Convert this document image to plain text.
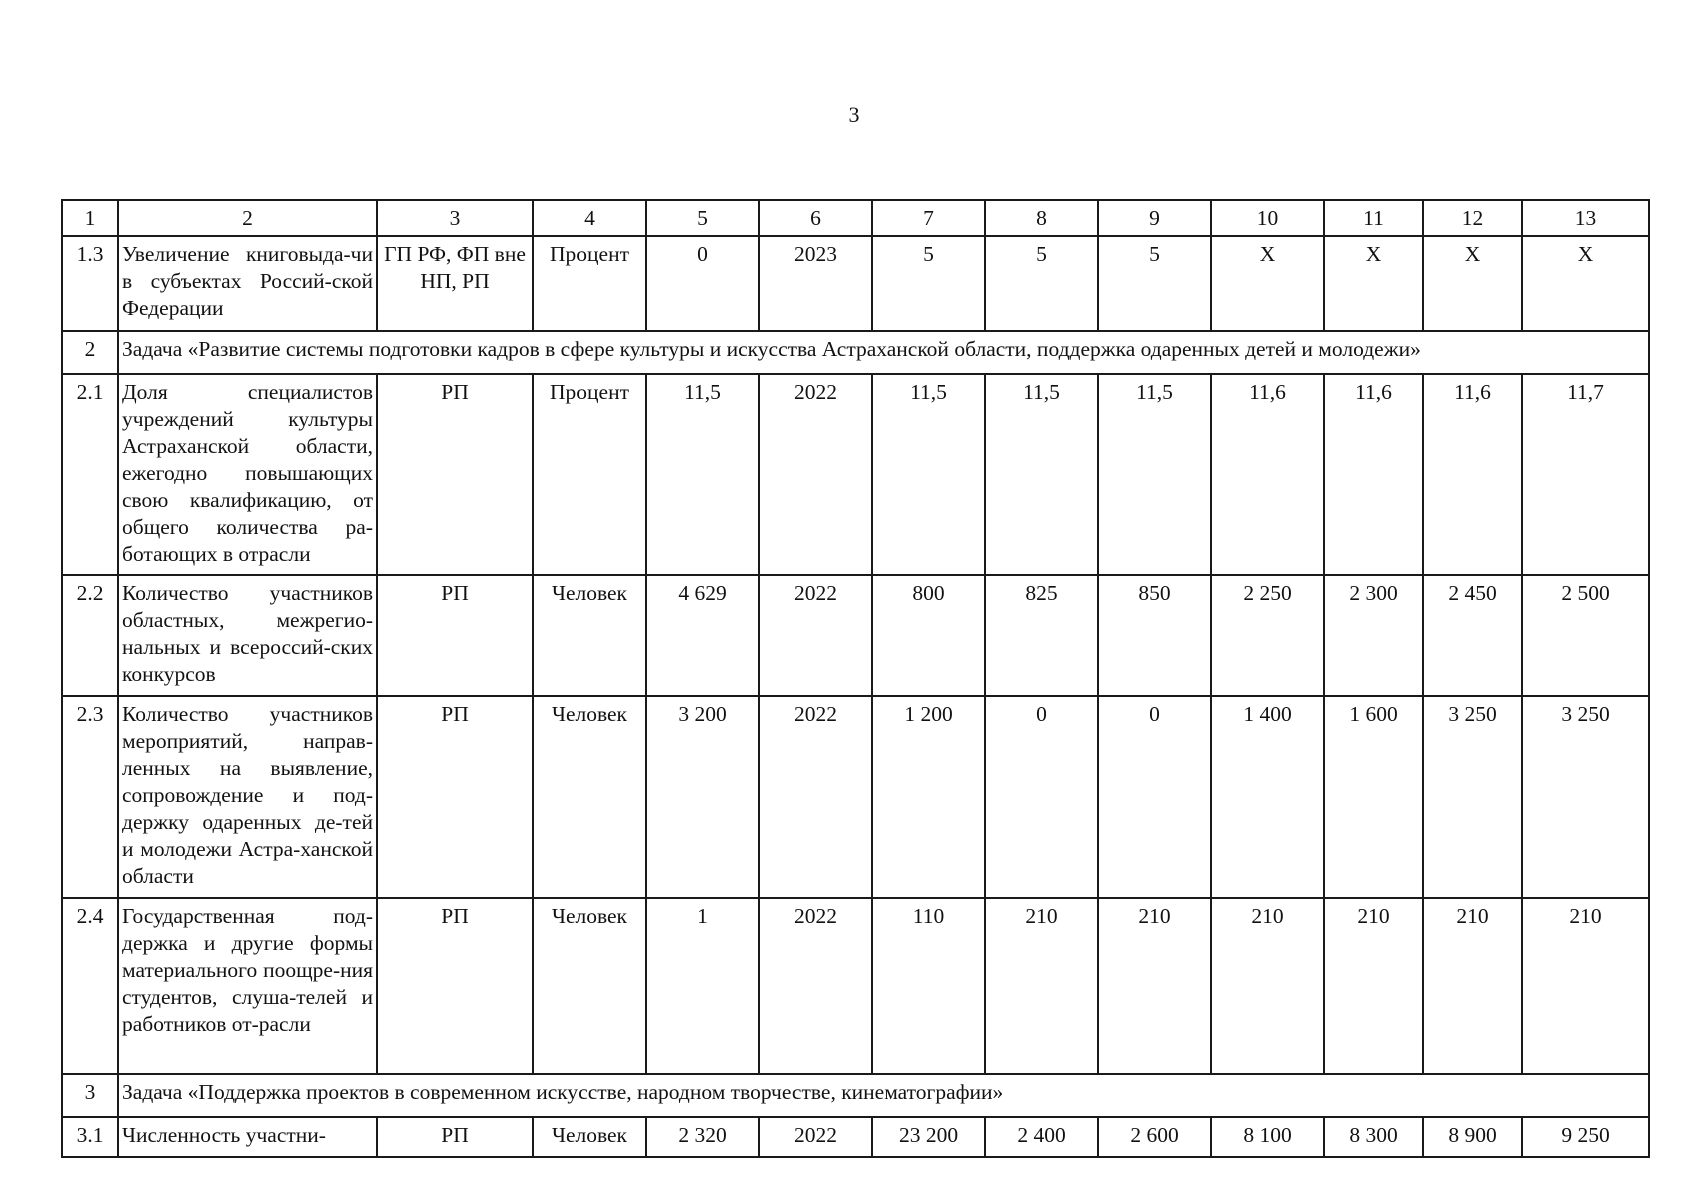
3
1	2	3	4	5	6	7	8	9	10	11	12	13
1.3	Увеличение книговыда-чи в субъектах Россий-ской Федерации	ГП РФ, ФП вне НП, РП	Процент	0	2023	5	5	5	X	X	X	X
2	Задача «Развитие системы подготовки кадров в сфере культуры и искусства Астраханской области, поддержка одаренных детей и молодежи»											
2.1	Доля специалистов учреждений культуры Астраханской области, ежегодно повышающих свою квалификацию, от общего количества ра-ботающих в отрасли	РП	Процент	11,5	2022	11,5	11,5	11,5	11,6	11,6	11,6	11,7
2.2	Количество участников областных, межрегио-нальных и всероссий-ских конкурсов	РП	Человек	4 629	2022	800	825	850	2 250	2 300	2 450	2 500
2.3	Количество участников мероприятий, направ-ленных на выявление, сопровождение и под-держку одаренных де-тей и молодежи Астра-ханской области	РП	Человек	3 200	2022	1 200	0	0	1 400	1 600	3 250	3 250
2.4	Государственная под-держка и другие формы материального поощре-ния студентов, слуша-телей и работников от-расли	РП	Человек	1	2022	110	210	210	210	210	210	210
3	Задача «Поддержка проектов в современном искусстве, народном творчестве, кинематографии»											
3.1	Численность участни-	РП	Человек	2 320	2022	23 200	2 400	2 600	8 100	8 300	8 900	9 250
